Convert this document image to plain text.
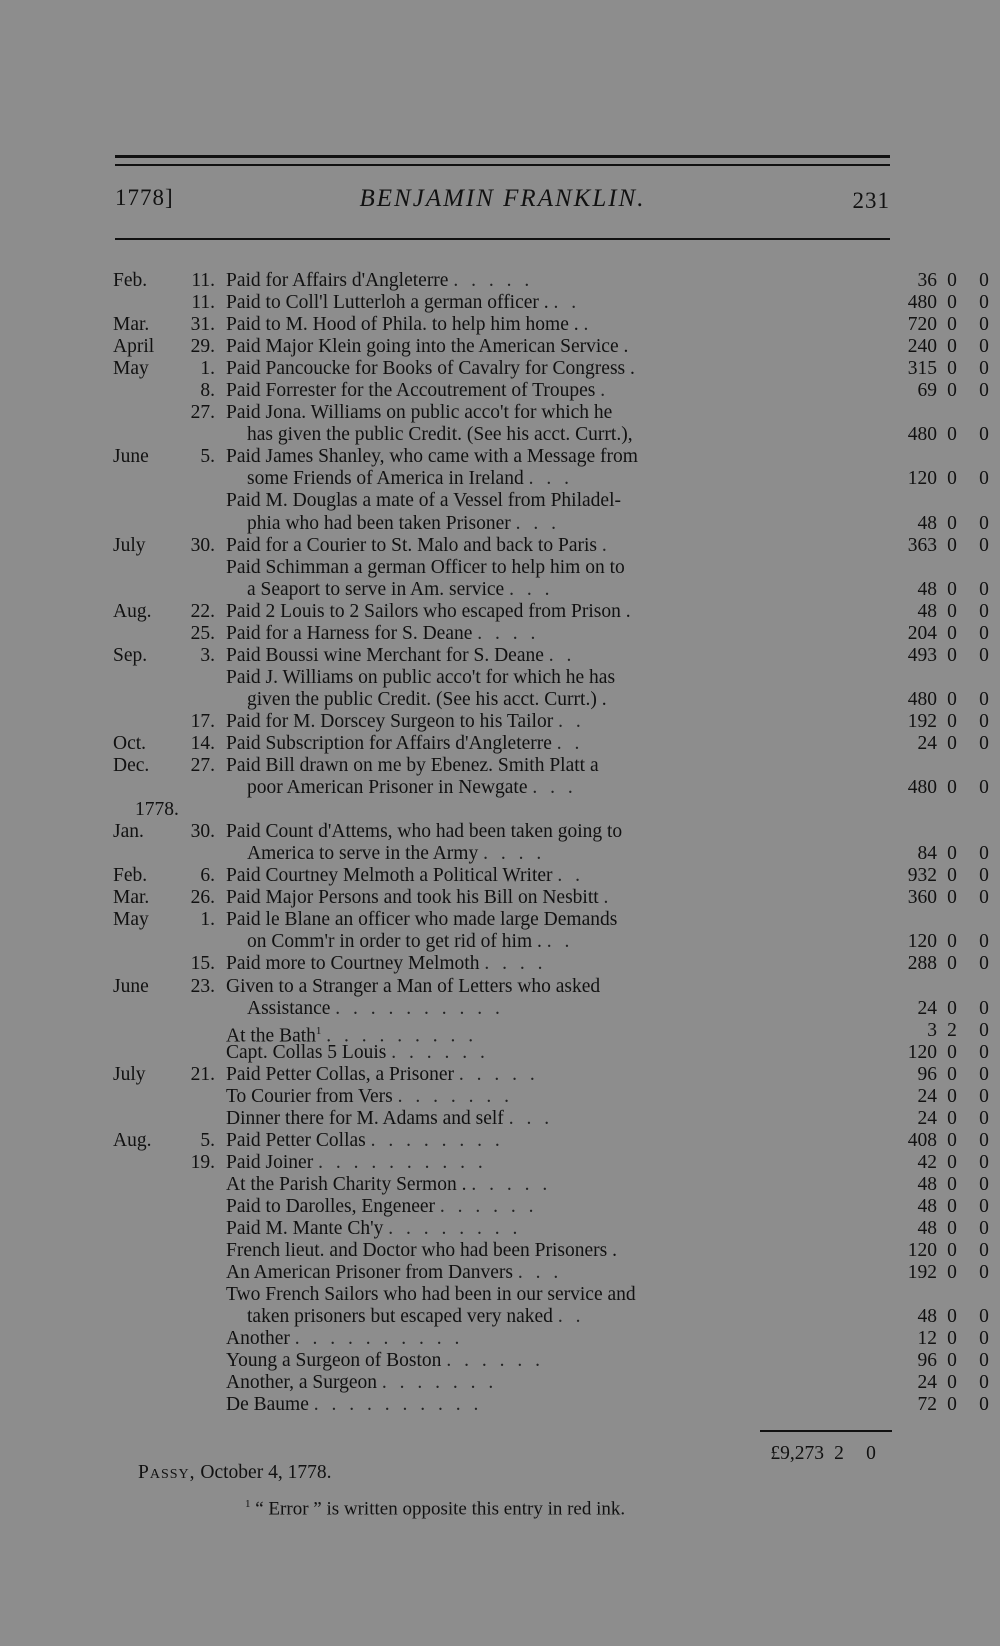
1778]	BENJAMIN FRANKLIN.	231
Feb.	11. Paid for Affairs d'Angleterre . . . . .	36 0 0
11. Paid to Coll'l Lutterloh a german officer . . .	480 0 0
Mar.	31. Paid to M. Hood of Phila. to help him home . .	720 0 0
April	29. Paid Major Klein going into the American Service .	240 0 0
May	1. Paid Pancoucke for Books of Cavalry for Congress .	315 0 0
8. Paid Forrester for the Accoutrement of Troupes .	69 0 0
27. Paid Jona. Williams on public acco't for which he
has given the public Credit. (See his acct. Currt.),	480 0 0
June	5. Paid James Shanley, who came with a Message from
some Friends of America in Ireland . . .	120 0 0
Paid M. Douglas a mate of a Vessel from Philadel-
phia who had been taken Prisoner . . .	48 0 0
July	30. Paid for a Courier to St. Malo and back to Paris .	363 0 0
Paid Schimman a german Officer to help him on to
a Seaport to serve in Am. service . . .	48 0 0
Aug.	22. Paid 2 Louis to 2 Sailors who escaped from Prison .	48 0 0
25. Paid for a Harness for S. Deane . . . .	204 0 0
Sep.	3. Paid Boussi wine Merchant for S. Deane . .	493 0 0
Paid J. Williams on public acco't for which he has
given the public Credit. (See his acct. Currt.) .	480 0 0
17. Paid for M. Dorscey Surgeon to his Tailor . .	192 0 0
Oct.	14. Paid Subscription for Affairs d'Angleterre . .	24 0 0
Dec.	27. Paid Bill drawn on me by Ebenez. Smith Platt a
poor American Prisoner in Newgate . . .	480 0 0
1778.
Jan.	30. Paid Count d'Attems, who had been taken going to
America to serve in the Army . . . .	84 0 0
Feb.	6. Paid Courtney Melmoth a Political Writer . .	932 0 0
Mar.	26. Paid Major Persons and took his Bill on Nesbitt .	360 0 0
May	1. Paid le Blane an officer who made large Demands
on Comm'r in order to get rid of him . . .	120 0 0
15. Paid more to Courtney Melmoth . . . .	288 0 0
June	23. Given to a Stranger a Man of Letters who asked
Assistance . . . . . . . . . .	24 0 0
At the Bath$^1$ . . . . . . . . .	3 2 0
Capt. Collas 5 Louis . . . . . .	120 0 0
July	21. Paid Petter Collas, a Prisoner . . . . .	96 0 0
To Courier from Vers . . . . . . .	24 0 0
Dinner there for M. Adams and self . . .	24 0 0
Aug.	5. Paid Petter Collas . . . . . . . .	408 0 0
19. Paid Joiner . . . . . . . . . .	42 0 0
At the Parish Charity Sermon . . . . . .	48 0 0
Paid to Darolles, Engeneer . . . . . .	48 0 0
Paid M. Mante Ch'y . . . . . . . .	48 0 0
French lieut. and Doctor who had been Prisoners .	120 0 0
An American Prisoner from Danvers . . .	192 0 0
Two French Sailors who had been in our service and
taken prisoners but escaped very naked . .	48 0 0
Another . . . . . . . . . .	12 0 0
Young a Surgeon of Boston . . . . . .	96 0 0
Another, a Surgeon . . . . . . .	24 0 0
De Baume . . . . . . . . . .	72 0 0
£9,273 2 0
Passy, October 4, 1778.
$^1$ “ Error ” is written opposite this entry in red ink.
